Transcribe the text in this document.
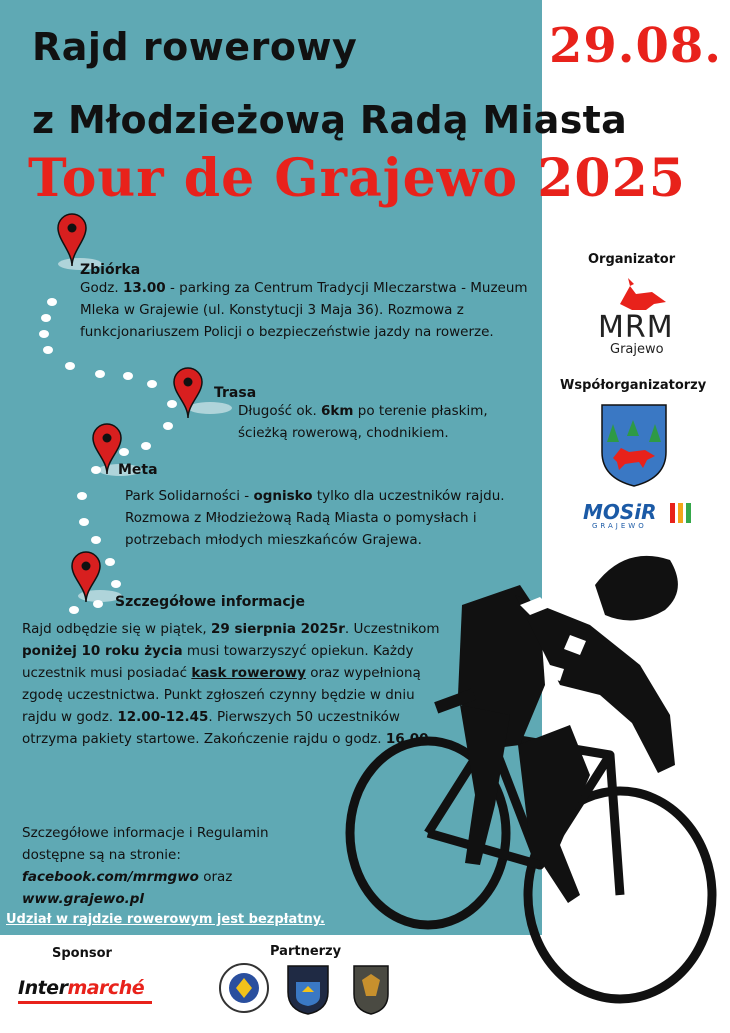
Rajd rowerowy
z Młodzieżową Radą Miasta
29.08.
Tour de Grajewo 2025
Zbiórka
Godz. 13.00 - parking za Centrum Tradycji Mleczarstwa - Muzeum Mleka w Grajewie (ul. Konstytucji 3 Maja 36). Rozmowa z funkcjonariuszem Policji o bezpieczeństwie jazdy na rowerze.
Trasa
Długość ok. 6km po terenie płaskim, ścieżką rowerową, chodnikiem.
Meta
Park Solidarności - ognisko tylko dla uczestników rajdu. Rozmowa z Młodzieżową Radą Miasta o pomysłach i potrzebach młodych mieszkańców Grajewa.
Szczegółowe informacje
Rajd odbędzie się w piątek, 29 sierpnia 2025r. Uczestnikom poniżej 10 roku życia musi towarzyszyć opiekun. Każdy uczestnik musi posiadać kask rowerowy oraz wypełnioną zgodę uczestnictwa. Punkt zgłoszeń czynny będzie w dniu rajdu w godz. 12.00-12.45. Pierwszych 50 uczestników otrzyma pakiety startowe. Zakończenie rajdu o godz. 16.00.
Szczegółowe informacje i Regulamin dostępne są na stronie:
facebook.com/mrmgwo oraz
www.grajewo.pl
Udział w rajdzie rowerowym jest bezpłatny.
Organizator
MRM
Grajewo
Współorganizatorzy
MOSiR
GRAJEWO
Sponsor	Partnerzy
Intermarché
